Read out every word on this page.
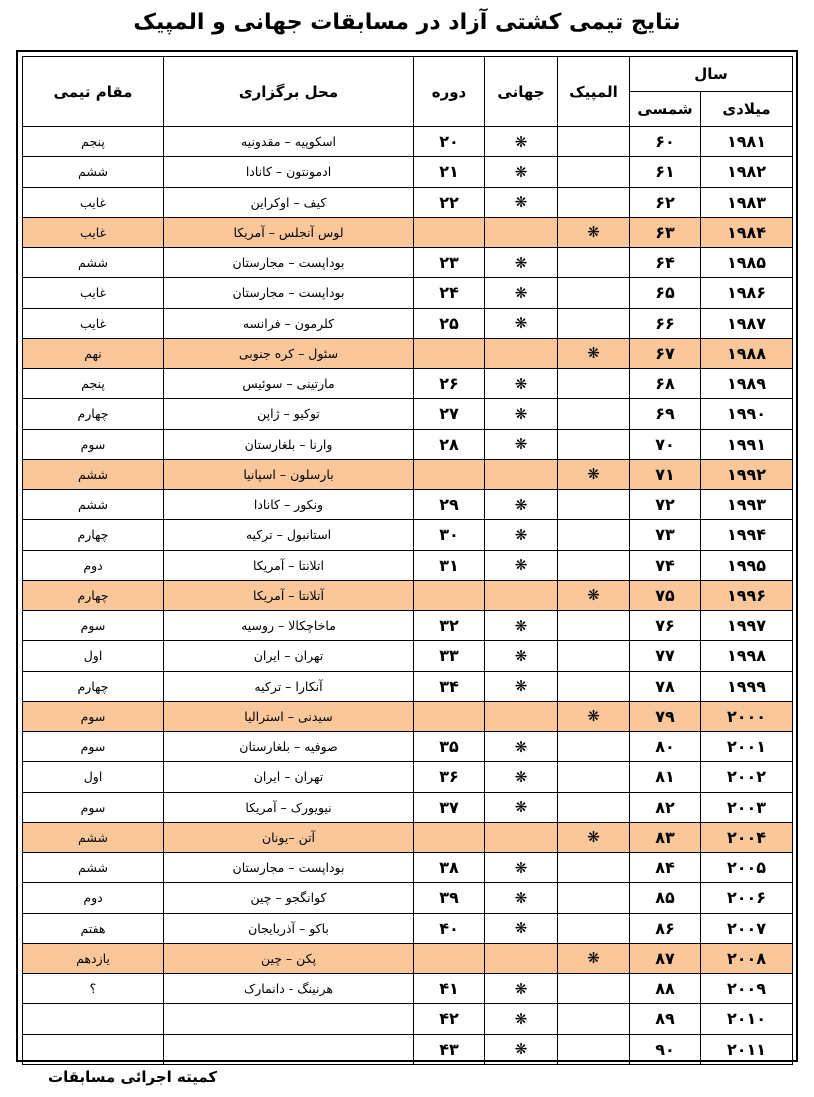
نتایج تیمی کشتی آزاد در مسابقات جهانی و المپیک
سال		المپیک	جهانی	دوره	محل برگزاری	مقام تیمی
میلادی	شمسی					
۱۹۸۱	۶۰		❋	۲۰	اسکوپیه – مقدونیه	پنجم
۱۹۸۲	۶۱		❋	۲۱	ادمونتون – کانادا	ششم
۱۹۸۳	۶۲		❋	۲۲	کیف – اوکراین	غایب
۱۹۸۴	۶۳	❋			لوس آنجلس – آمریکا	غایب
۱۹۸۵	۶۴		❋	۲۳	بوداپست – مجارستان	ششم
۱۹۸۶	۶۵		❋	۲۴	بوداپست – مجارستان	غایب
۱۹۸۷	۶۶		❋	۲۵	کلرمون – فرانسه	غایب
۱۹۸۸	۶۷	❋			سئول – کره جنوبی	نهم
۱۹۸۹	۶۸		❋	۲۶	مارتینی – سوئیس	پنجم
۱۹۹۰	۶۹		❋	۲۷	توکیو – ژاپن	چهارم
۱۹۹۱	۷۰		❋	۲۸	وارنا – بلغارستان	سوم
۱۹۹۲	۷۱	❋			بارسلون – اسپانیا	ششم
۱۹۹۳	۷۲		❋	۲۹	ونکور – کانادا	ششم
۱۹۹۴	۷۳		❋	۳۰	استانبول – ترکیه	چهارم
۱۹۹۵	۷۴		❋	۳۱	اتلانتا – آمریکا	دوم
۱۹۹۶	۷۵	❋			آتلانتا – آمریکا	چهارم
۱۹۹۷	۷۶		❋	۳۲	ماخاچکالا – روسیه	سوم
۱۹۹۸	۷۷		❋	۳۳	تهران – ایران	اول
۱۹۹۹	۷۸		❋	۳۴	آنکارا – ترکیه	چهارم
۲۰۰۰	۷۹	❋			سیدنی – استرالیا	سوم
۲۰۰۱	۸۰		❋	۳۵	صوفیه – بلغارستان	سوم
۲۰۰۲	۸۱		❋	۳۶	تهران – ایران	اول
۲۰۰۳	۸۲		❋	۳۷	نیویورک – آمریکا	سوم
۲۰۰۴	۸۳	❋			آتن –یونان	ششم
۲۰۰۵	۸۴		❋	۳۸	بوداپست – مجارستان	ششم
۲۰۰۶	۸۵		❋	۳۹	کوانگجو – چین	دوم
۲۰۰۷	۸۶		❋	۴۰	باکو – آذربایجان	هفتم
۲۰۰۸	۸۷	❋			پکن – چین	یازدهم
۲۰۰۹	۸۸		❋	۴۱	هرنینگ - دانمارک	؟
۲۰۱۰	۸۹		❋	۴۲		
۲۰۱۱	۹۰		❋	۴۳		
کمیته اجرائی مسابقات
